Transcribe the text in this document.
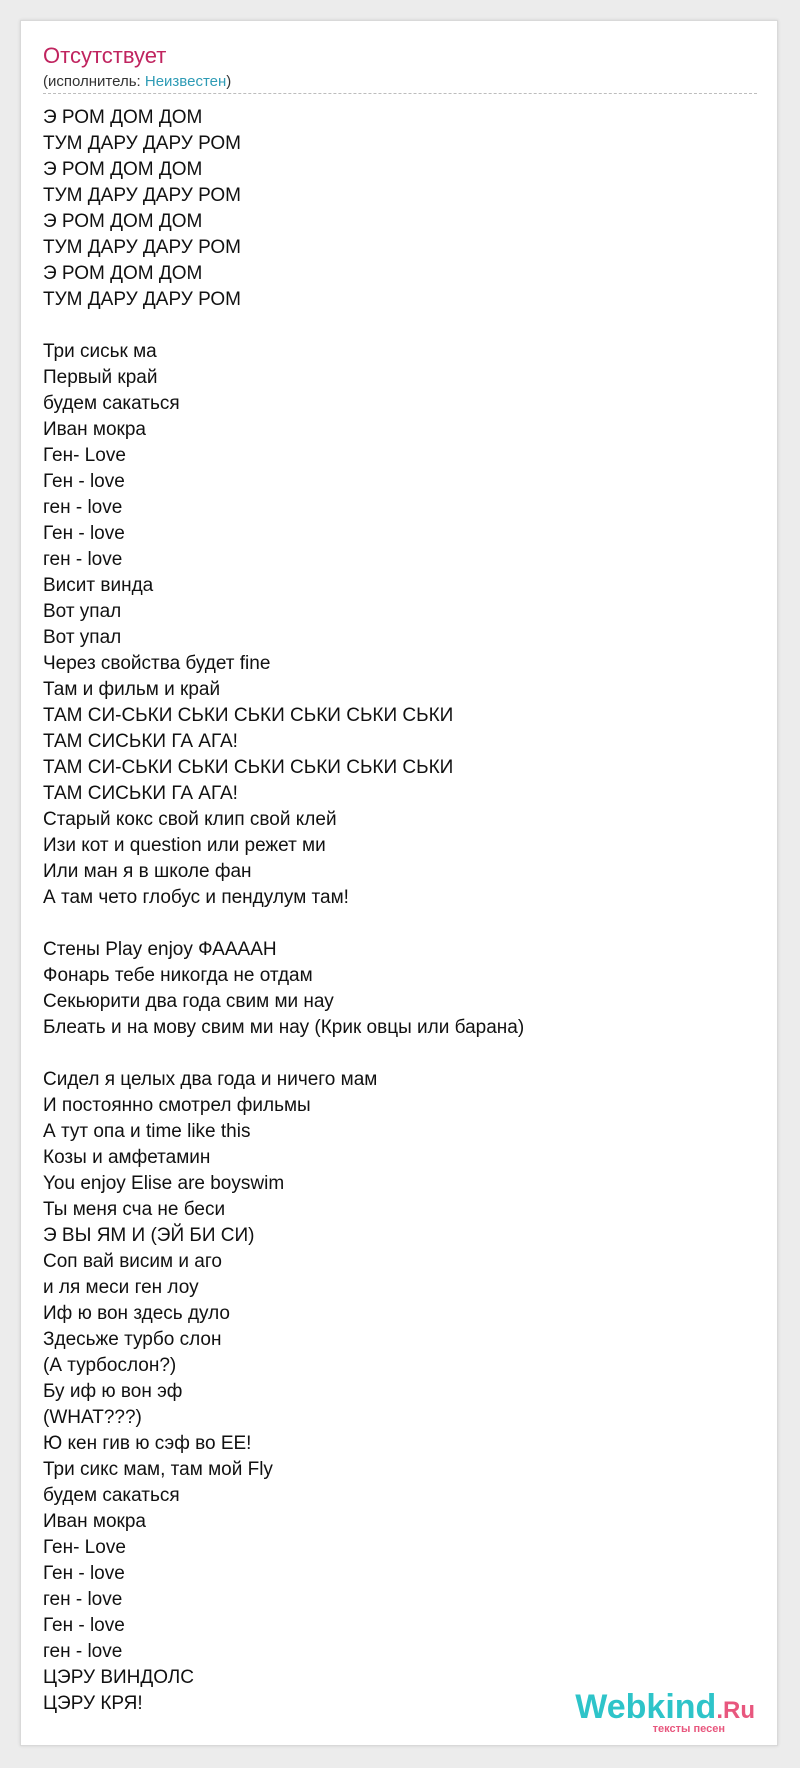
Отсутствует
(исполнитель: Неизвестен)
Э РОМ ДОМ ДОМ
ТУМ ДАРУ ДАРУ РОМ
Э РОМ ДОМ ДОМ
ТУМ ДАРУ ДАРУ РОМ
Э РОМ ДОМ ДОМ
ТУМ ДАРУ ДАРУ РОМ
Э РОМ ДОМ ДОМ
ТУМ ДАРУ ДАРУ РОМ
Три сиськ ма
Первый край
будем сакаться
Иван мокра
Ген- Love
Ген - love
ген - love
Ген - love
ген - love
Висит винда
Вот упал
Вот упал
Через свойства будет fine
Там и фильм и край
ТАМ СИ-СЬКИ СЬКИ СЬКИ СЬКИ СЬКИ СЬКИ
ТАМ СИСЬКИ ГА АГА!
ТАМ СИ-СЬКИ СЬКИ СЬКИ СЬКИ СЬКИ СЬКИ
ТАМ СИСЬКИ ГА АГА!
Старый кокс свой клип свой клей
Изи кот и question или режет ми
Или ман я в школе фан
А там чето глобус и пендулум там!
Стены Play enjoy ФАААAН
Фонарь тебе никогда не отдам
Секьюрити два года свим ми нау
Блеать и на мову свим ми нау (Крик овцы или барана)
Сидел я целых два года и ничего мам
И постоянно смотрел фильмы
А тут опа и time like this
Козы и амфетамин
You enjoy Elise are boyswim
Ты меня сча не беси
Э ВЫ ЯМ И (ЭЙ БИ СИ)
Соп вай висим и аго
и ля меси ген лоу
Иф ю вон здесь дуло
Здесьже турбо слон
(А турбослон?)
Бу иф ю вон эф
(WHAT???)
Ю кен гив ю сэф во ЕЕ!
Три сикс мам, там мой Fly
будем сакаться
Иван мокра
Ген- Love
Ген - love
ген - love
Ген - love
ген - love
ЦЭРУ ВИНДОЛС
ЦЭРУ КРЯ!	Webkind.Ru
тексты песен
